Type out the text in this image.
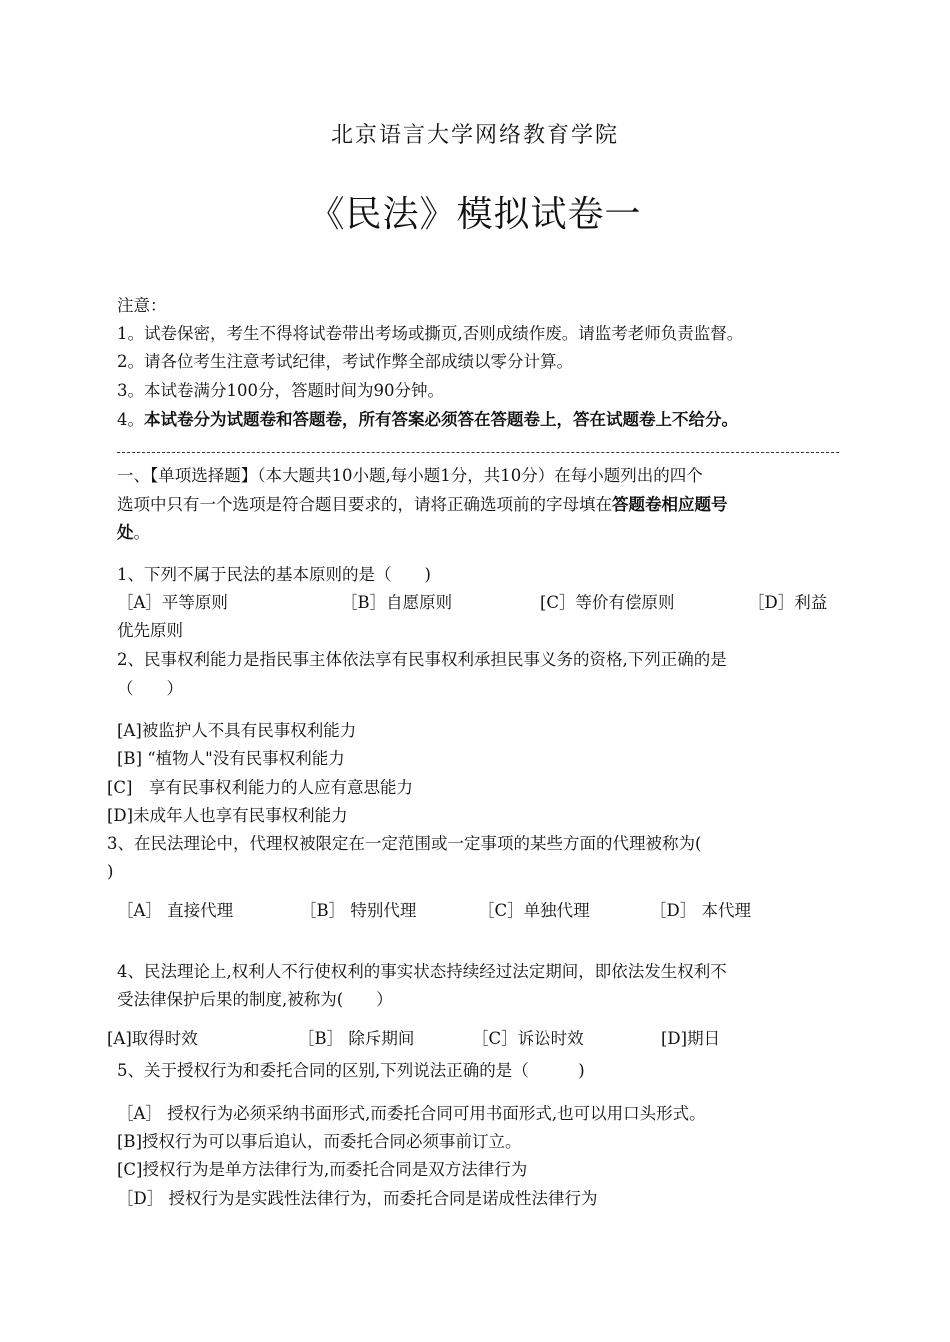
北京语言大学网络教育学院
《民法》模拟试卷一
注意：
1。试卷保密，考生不得将试卷带出考场或撕页,否则成绩作废。请监考老师负责监督。
2。请各位考生注意考试纪律，考试作弊全部成绩以零分计算。
3。本试卷满分100分，答题时间为90分钟。
4。本试卷分为试题卷和答题卷，所有答案必须答在答题卷上，答在试题卷上不给分。
一、【单项选择题】（本大题共10小题,每小题1分，共10分）在每小题列出的四个
选项中只有一个选项是符合题目要求的，请将正确选项前的字母填在答题卷相应题号
处。
1、下列不属于民法的基本原则的是（　　)
［A］平等原则	［B］自愿原则	[C］等价有偿原则	［D］利益
优先原则
2、民事权利能力是指民事主体依法享有民事权利承担民事义务的资格,下列正确的是
（　　）
[A]被监护人不具有民事权利能力
[B] “植物人"没有民事权利能力
[C]　享有民事权利能力的人应有意思能力
[D]未成年人也享有民事权利能力
3、在民法理论中，代理权被限定在一定范围或一定事项的某些方面的代理被称为(
)
［A］ 直接代理	［B］ 特别代理	［C］单独代理	［D］ 本代理
4、民法理论上,权利人不行使权利的事实状态持续经过法定期间，即依法发生权利不
受法律保护后果的制度,被称为(　　）
[A]取得时效	［B］ 除斥期间	［C］诉讼时效	[D]期日
5、关于授权行为和委托合同的区别,下列说法正确的是（　　　)
［A］ 授权行为必须采纳书面形式,而委托合同可用书面形式,也可以用口头形式。
[B]授权行为可以事后追认，而委托合同必须事前订立。
[C]授权行为是单方法律行为,而委托合同是双方法律行为
［D］ 授权行为是实践性法律行为，而委托合同是诺成性法律行为
